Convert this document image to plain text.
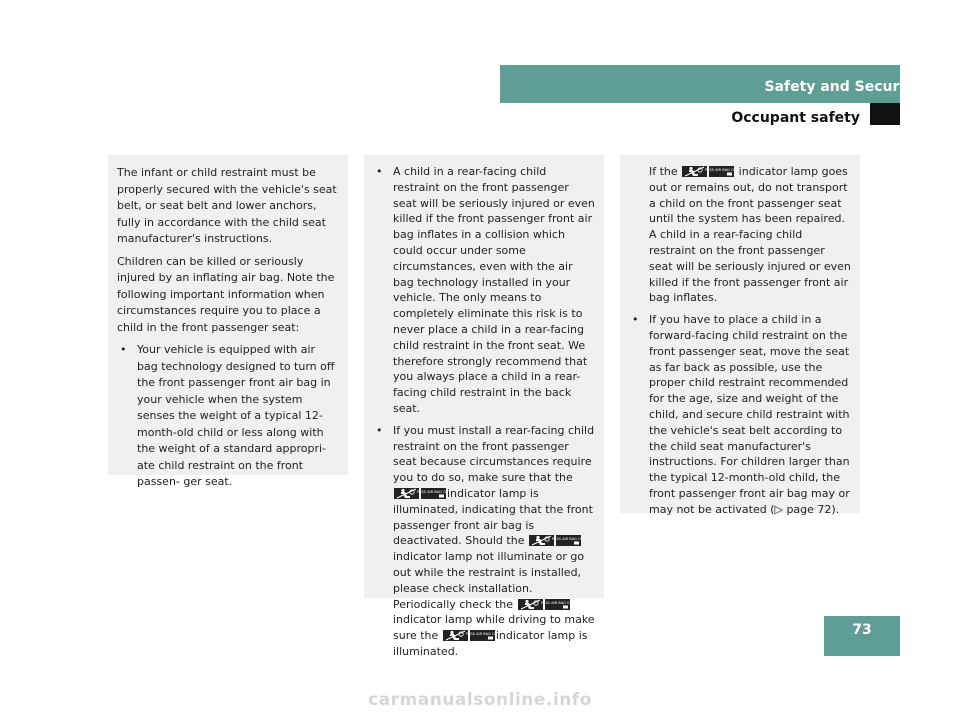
Safety and Security
Occupant safety

The infant or child restraint must be properly secured with the vehicle's seat belt, or seat belt and lower anchors, fully in accordance with the child seat manufacturer's instructions.

Children can be killed or seriously injured by an inflating air bag. Note the following important information when circumstances require you to place a child in the front passenger seat:

• Your vehicle is equipped with air bag technology designed to turn off the front passenger front air bag in your vehicle when the system senses the weight of a typical 12-month-old child or less along with the weight of a standard appropri- ate child restraint on the front passen- ger seat.
• A child in a rear-facing child restraint on the front passenger seat will be seriously injured or even killed if the front passenger front air bag inflates in a collision which could occur under some circumstances, even with the air bag technology installed in your vehicle. The only means to completely eliminate this risk is to never place a child in a rear-facing child restraint in the front seat. We therefore strongly recommend that you always place a child in a rear-facing child restraint in the back seat.
• If you must install a rear-facing child restraint on the front passenger seat because circumstances require you to do so, make sure that the
PASS AIR BAG OFF
indicator lamp is illuminated, indicating that the front passenger front air bag is deactivated. Should the	PASS AIR BAG OFF
indicator lamp not illuminate or go out while the restraint is installed, please check installation. Periodically check the	PASS AIR BAG OFF
indicator lamp while driving to make sure the	PASS AIR BAG OFF
indicator lamp is illuminated.

If the	PASS AIR BAG OFF indicator lamp goes out or remains out, do not transport a child on the front passenger seat until the system has been repaired. A child in a rear-facing child restraint on the front passenger seat will be seriously injured or even killed if the front passenger front air bag inflates.

• If you have to place a child in a forward-facing child restraint on the front passenger seat, move the seat as far back as possible, use the proper child restraint recommended for the age, size and weight of the child, and secure child restraint with the vehicle's seat belt according to the child seat manufacturer's instructions. For children larger than the typical 12-month-old child, the front passenger front air bag may or may not be activated (▷ page 72).
73
carmanualsonline.info
